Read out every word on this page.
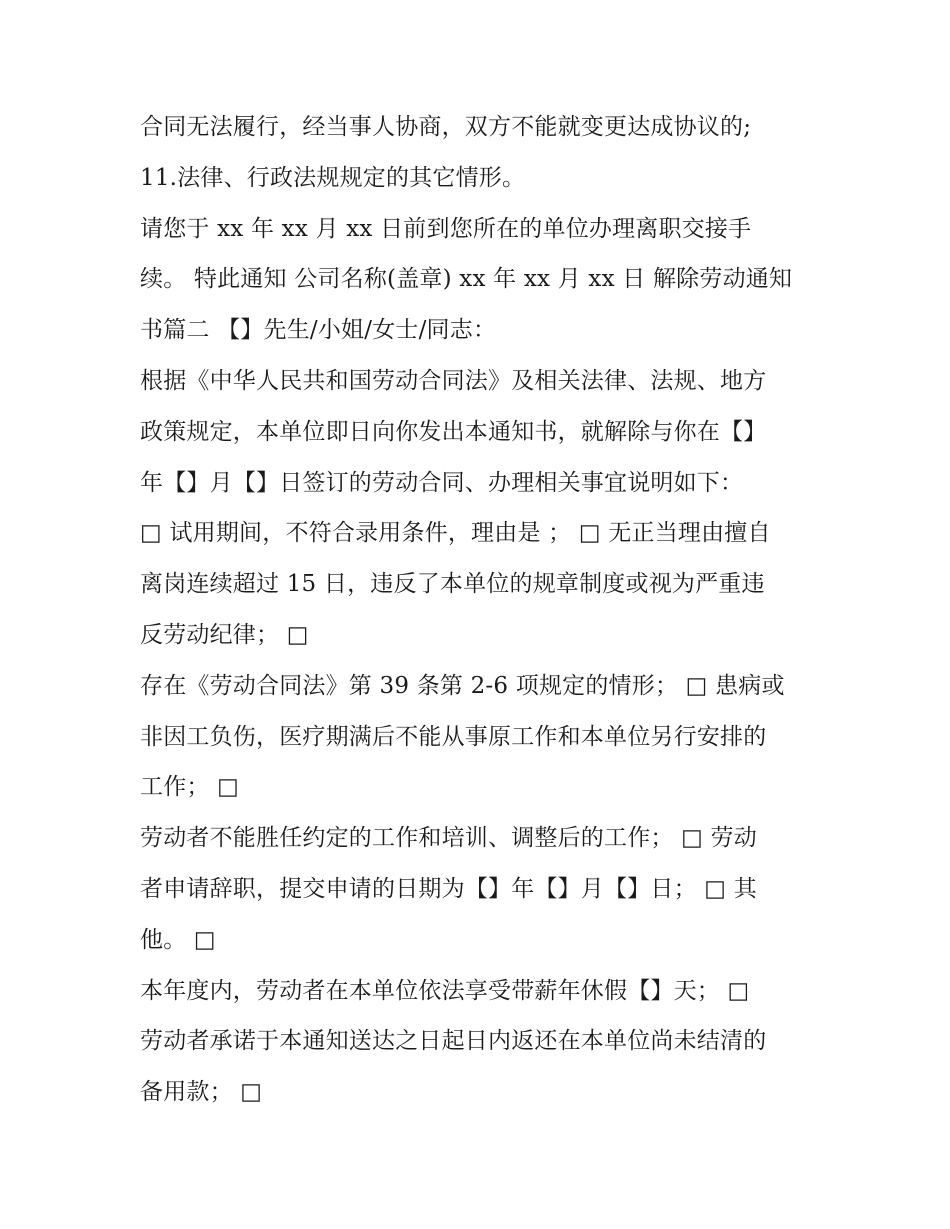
合同无法履行，经当事人协商，双方不能就变更达成协议的;
11.法律、行政法规规定的其它情形。
请您于 xx 年 xx 月 xx 日前到您所在的单位办理离职交接手
续。 特此通知 公司名称(盖章) xx 年 xx 月 xx 日 解除劳动通知
书篇二 【】先生/小姐/女士/同志：
根据《中华人民共和国劳动合同法》及相关法律、法规、地方
政策规定，本单位即日向你发出本通知书，就解除与你在【】
年【】月【】日签订的劳动合同、办理相关事宜说明如下：
□ 试用期间，不符合录用条件，理由是 ； □ 无正当理由擅自
离岗连续超过 15 日，违反了本单位的规章制度或视为严重违
反劳动纪律； □
存在《劳动合同法》第 39 条第 2-6 项规定的情形； □ 患病或
非因工负伤，医疗期满后不能从事原工作和本单位另行安排的
工作； □
劳动者不能胜任约定的工作和培训、调整后的工作； □ 劳动
者申请辞职，提交申请的日期为【】年【】月【】日； □ 其
他。 □
本年度内，劳动者在本单位依法享受带薪年休假【】天； □
劳动者承诺于本通知送达之日起日内返还在本单位尚未结清的
备用款； □
